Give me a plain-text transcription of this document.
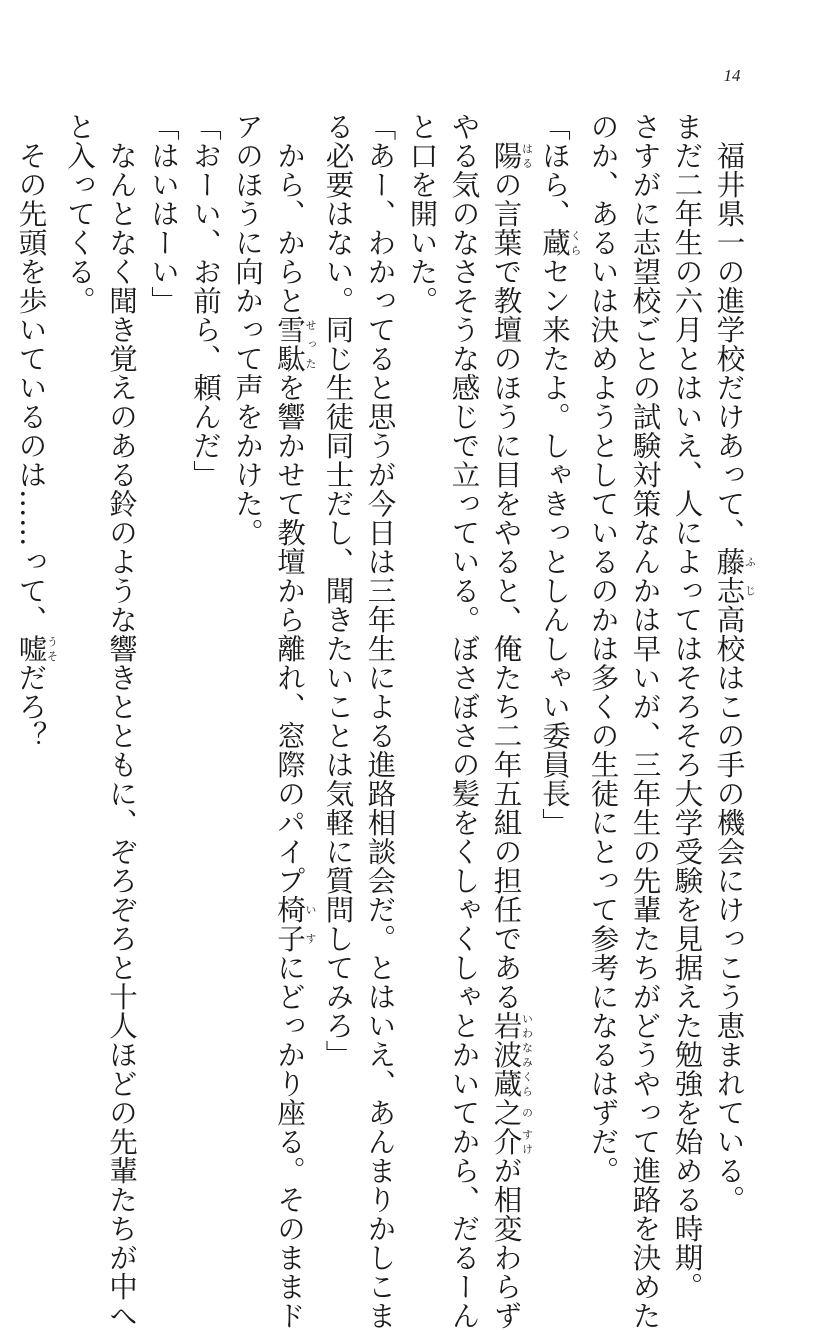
14
福井県一の進学校だけあって、藤ふ志じ高校はこの手の機会にけっこう恵まれている。
まだ二年生の六月とはいえ、人によってはそろそろ大学受験を見据えた勉強を始める時期。
さすがに志望校ごとの試験対策なんかは早いが、三年生の先輩たちがどうやって進路を決めた
のか、あるいは決めようとしているのかは多くの生徒にとって参考になるはずだ。
「ほら、蔵くらセン来たよ。しゃきっとしんしゃい委員長」
陽はるの言葉で教壇のほうに目をやると、俺たち二年五組の担任である岩波蔵いわなみくら之の介すけが相変わらず
やる気のなさそうな感じで立っている。ぼさぼさの髪をくしゃくしゃとかいてから、だるーん
と口を開いた。
「あー、わかってると思うが今日は三年生による進路相談会だ。とはいえ、あんまりかしこま
る必要はない。同じ生徒同士だし、聞きたいことは気軽に質問してみろ」
から、からと雪駄せったを響かせて教壇から離れ、窓際のパイプ椅子いすにどっかり座る。そのままド
アのほうに向かって声をかけた。
「おーい、お前ら、頼んだ」
「はいはーい」
なんとなく聞き覚えのある鈴のような響きとともに、ぞろぞろと十人ほどの先輩たちが中へ
と入ってくる。
その先頭を歩いているのは……って、嘘うそだろ？
